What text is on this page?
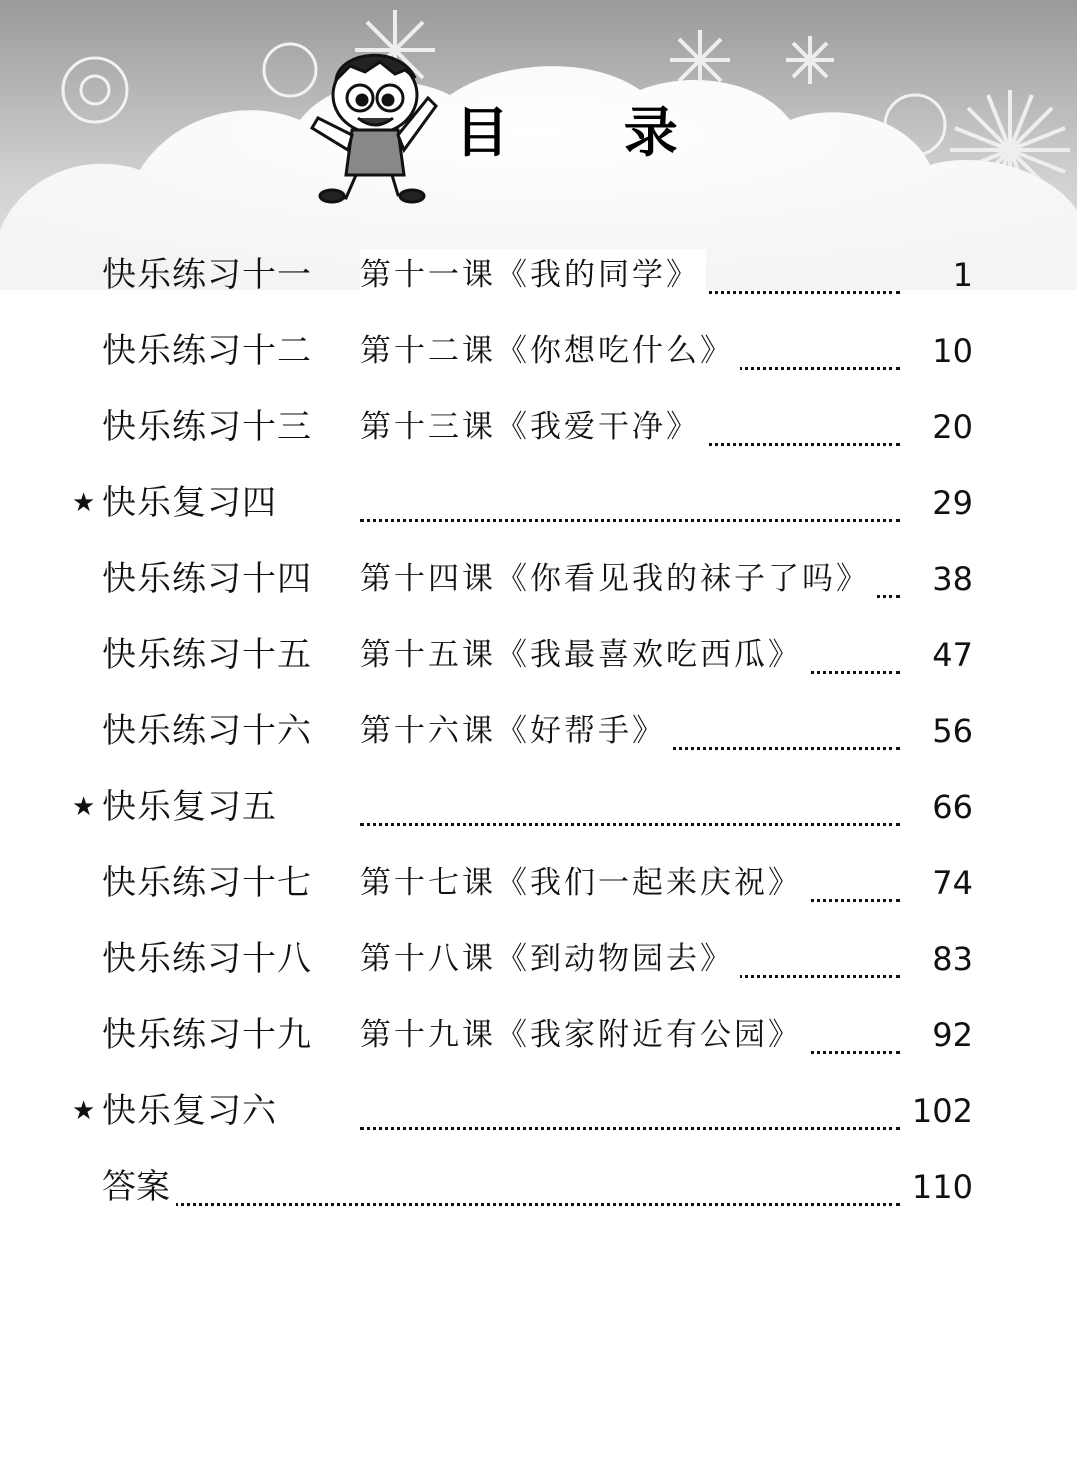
目 录
快乐练习十一 第十一课《我的同学》	1
快乐练习十二 第十二课《你想吃什么》	10
快乐练习十三 第十三课《我爱干净》	20
★ 快乐复习四	29
快乐练习十四 第十四课《你看见我的袜子了吗》 38
快乐练习十五 第十五课《我最喜欢吃西瓜》	47
快乐练习十六 第十六课《好帮手》	56
★ 快乐复习五	66
快乐练习十七 第十七课《我们一起来庆祝》	74
快乐练习十八 第十八课《到动物园去》	83
快乐练习十九 第十九课《我家附近有公园》	92
★ 快乐复习六	102
答案	110
